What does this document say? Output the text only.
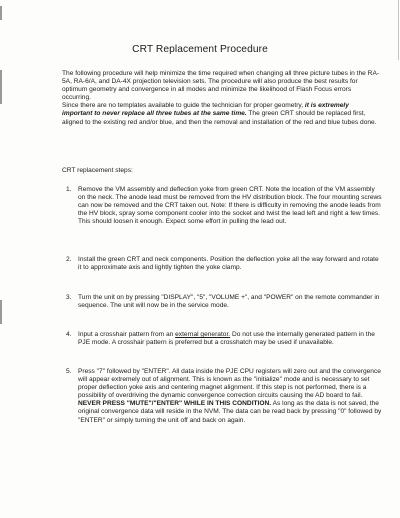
CRT Replacement Procedure

The following procedure will help minimize the time required when changing all three picture tubes in the RA-5A, RA-6/A, and DA-4X projection television sets. The procedure will also produce the best results for optimum geometry and convergence in all modes and minimize the likelihood of Flash Focus errors occurring.
Since there are no templates available to guide the technician for proper geometry, it is extremely important to never replace all three tubes at the same time. The green CRT should be replaced first, aligned to the existing red and/or blue, and then the removal and installation of the red and blue tubes done.

CRT replacement steps:

1. Remove the VM assembly and deflection yoke from green CRT. Note the location of the VM assembly on the neck. The anode lead must be removed from the HV distribution block. The four mounting screws can now be removed and the CRT taken out. Note: If there is difficulty in removing the anode leads from the HV block, spray some component cooler into the socket and twist the lead left and right a few times. This should loosen it enough. Expect some effort in pulling the lead out.
2. Install the green CRT and neck components. Position the deflection yoke all the way forward and rotate it to approximate axis and lightly tighten the yoke clamp.
3. Turn the unit on by pressing "DISPLAY", "5", "VOLUME +", and "POWER" on the remote commander in sequence. The unit will now be in the service mode.
4. Input a crosshair pattern from an external generator. Do not use the internally generated pattern in the PJE mode. A crosshair pattern is preferred but a crosshatch may be used if unavailable.
5. Press "7" followed by "ENTER". All data inside the PJE CPU registers will zero out and the convergence will appear extremely out of alignment. This is known as the "initialize" mode and is necessary to set proper deflection yoke axis and centering magnet alignment. If this step is not performed, there is a possibility of overdriving the dynamic convergence correction circuits causing the AD board to fail. NEVER PRESS "MUTE"/"ENTER" WHILE IN THIS CONDITION. As long as the data is not saved, the original convergence data will reside in the NVM. The data can be read back by pressing "0" followed by "ENTER" or simply turning the unit off and back on again.
